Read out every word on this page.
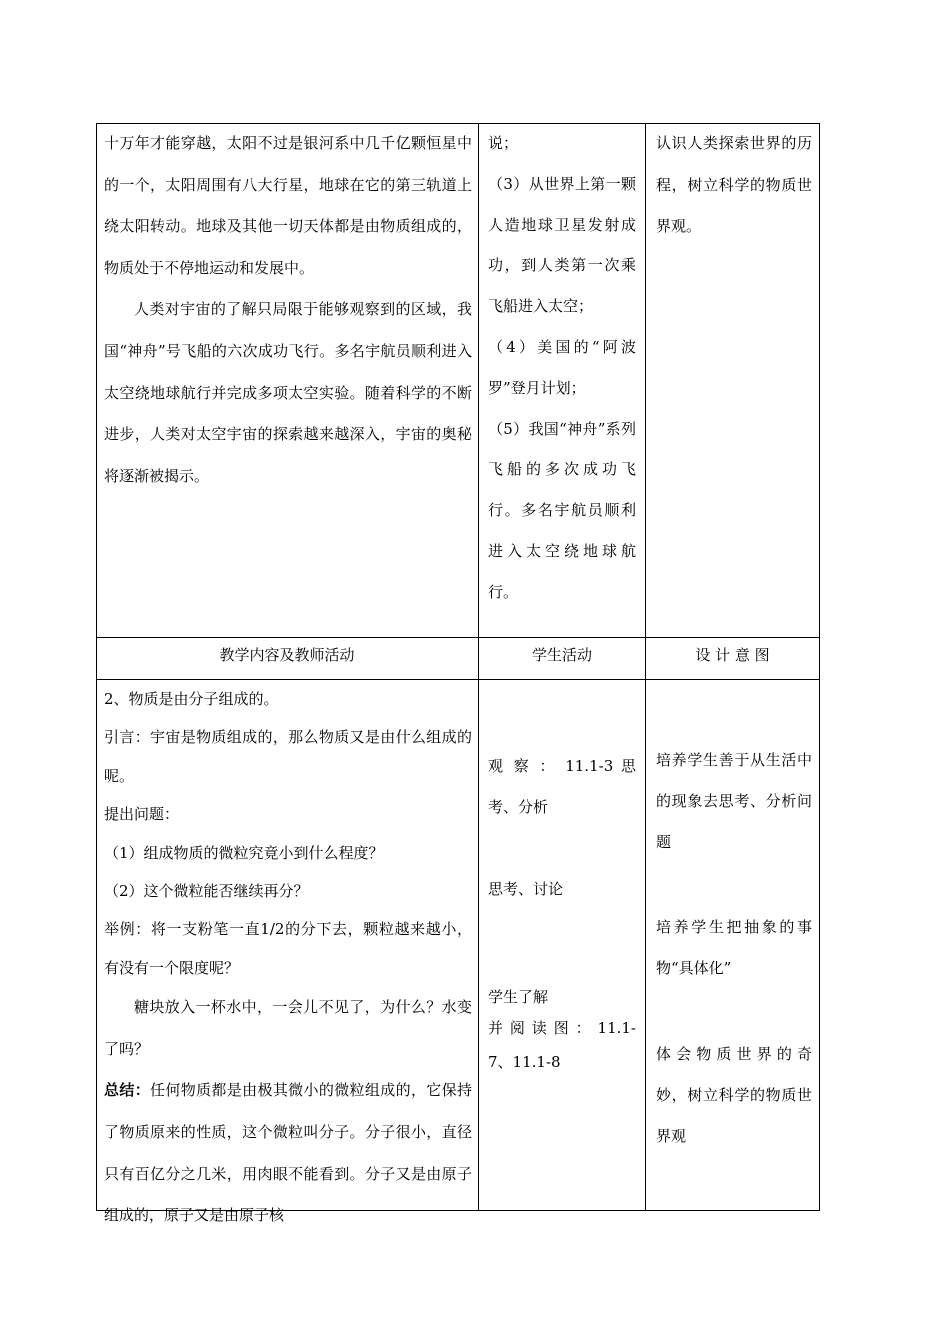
十万年才能穿越，太阳不过是银河系中几千亿颗恒星中的一个，太阳周围有八大行星，地球在它的第三轨道上绕太阳转动。地球及其他一切天体都是由物质组成的，物质处于不停地运动和发展中。

人类对宇宙的了解只局限于能够观察到的区域，我国“神舟”号飞船的六次成功飞行。多名宇航员顺利进入太空绕地球航行并完成多项太空实验。随着科学的不断进步，人类对太空宇宙的探索越来越深入，宇宙的奥秘将逐渐被揭示。

说；

（3）从世界上第一颗人造地球卫星发射成功，到人类第一次乘飞船进入太空；

（4）美国的“阿波罗”登月计划；

（5）我国“神舟”系列飞船的多次成功飞行。多名宇航员顺利进入太空绕地球航行。

认识人类探索世界的历程，树立科学的物质世界观。

教学内容及教师活动	学生活动	设 计 意 图

2、物质是由分子组成的。

引言：宇宙是物质组成的，那么物质又是由什么组成的呢。

提出问题：

（1）组成物质的微粒究竟小到什么程度？

（2）这个微粒能否继续再分？

举例：将一支粉笔一直1/2的分下去，颗粒越来越小，有没有一个限度呢？

糖块放入一杯水中，一会儿不见了，为什么？水变了吗？

总结：任何物质都是由极其微小的微粒组成的，它保持了物质原来的性质，这个微粒叫分子。分子很小，直径只有百亿分之几米，用肉眼不能看到。分子又是由原子组成的，原子又是由原子核

观 察 ： 11.1-3 思考、分析

思考、讨论

学生了解

并 阅 读 图 ： 11.1-7、11.1-8

培养学生善于从生活中的现象去思考、分析问题

培养学生把抽象的事物“具体化”

体 会 物 质 世 界 的 奇妙，树立科学的物质世界观
